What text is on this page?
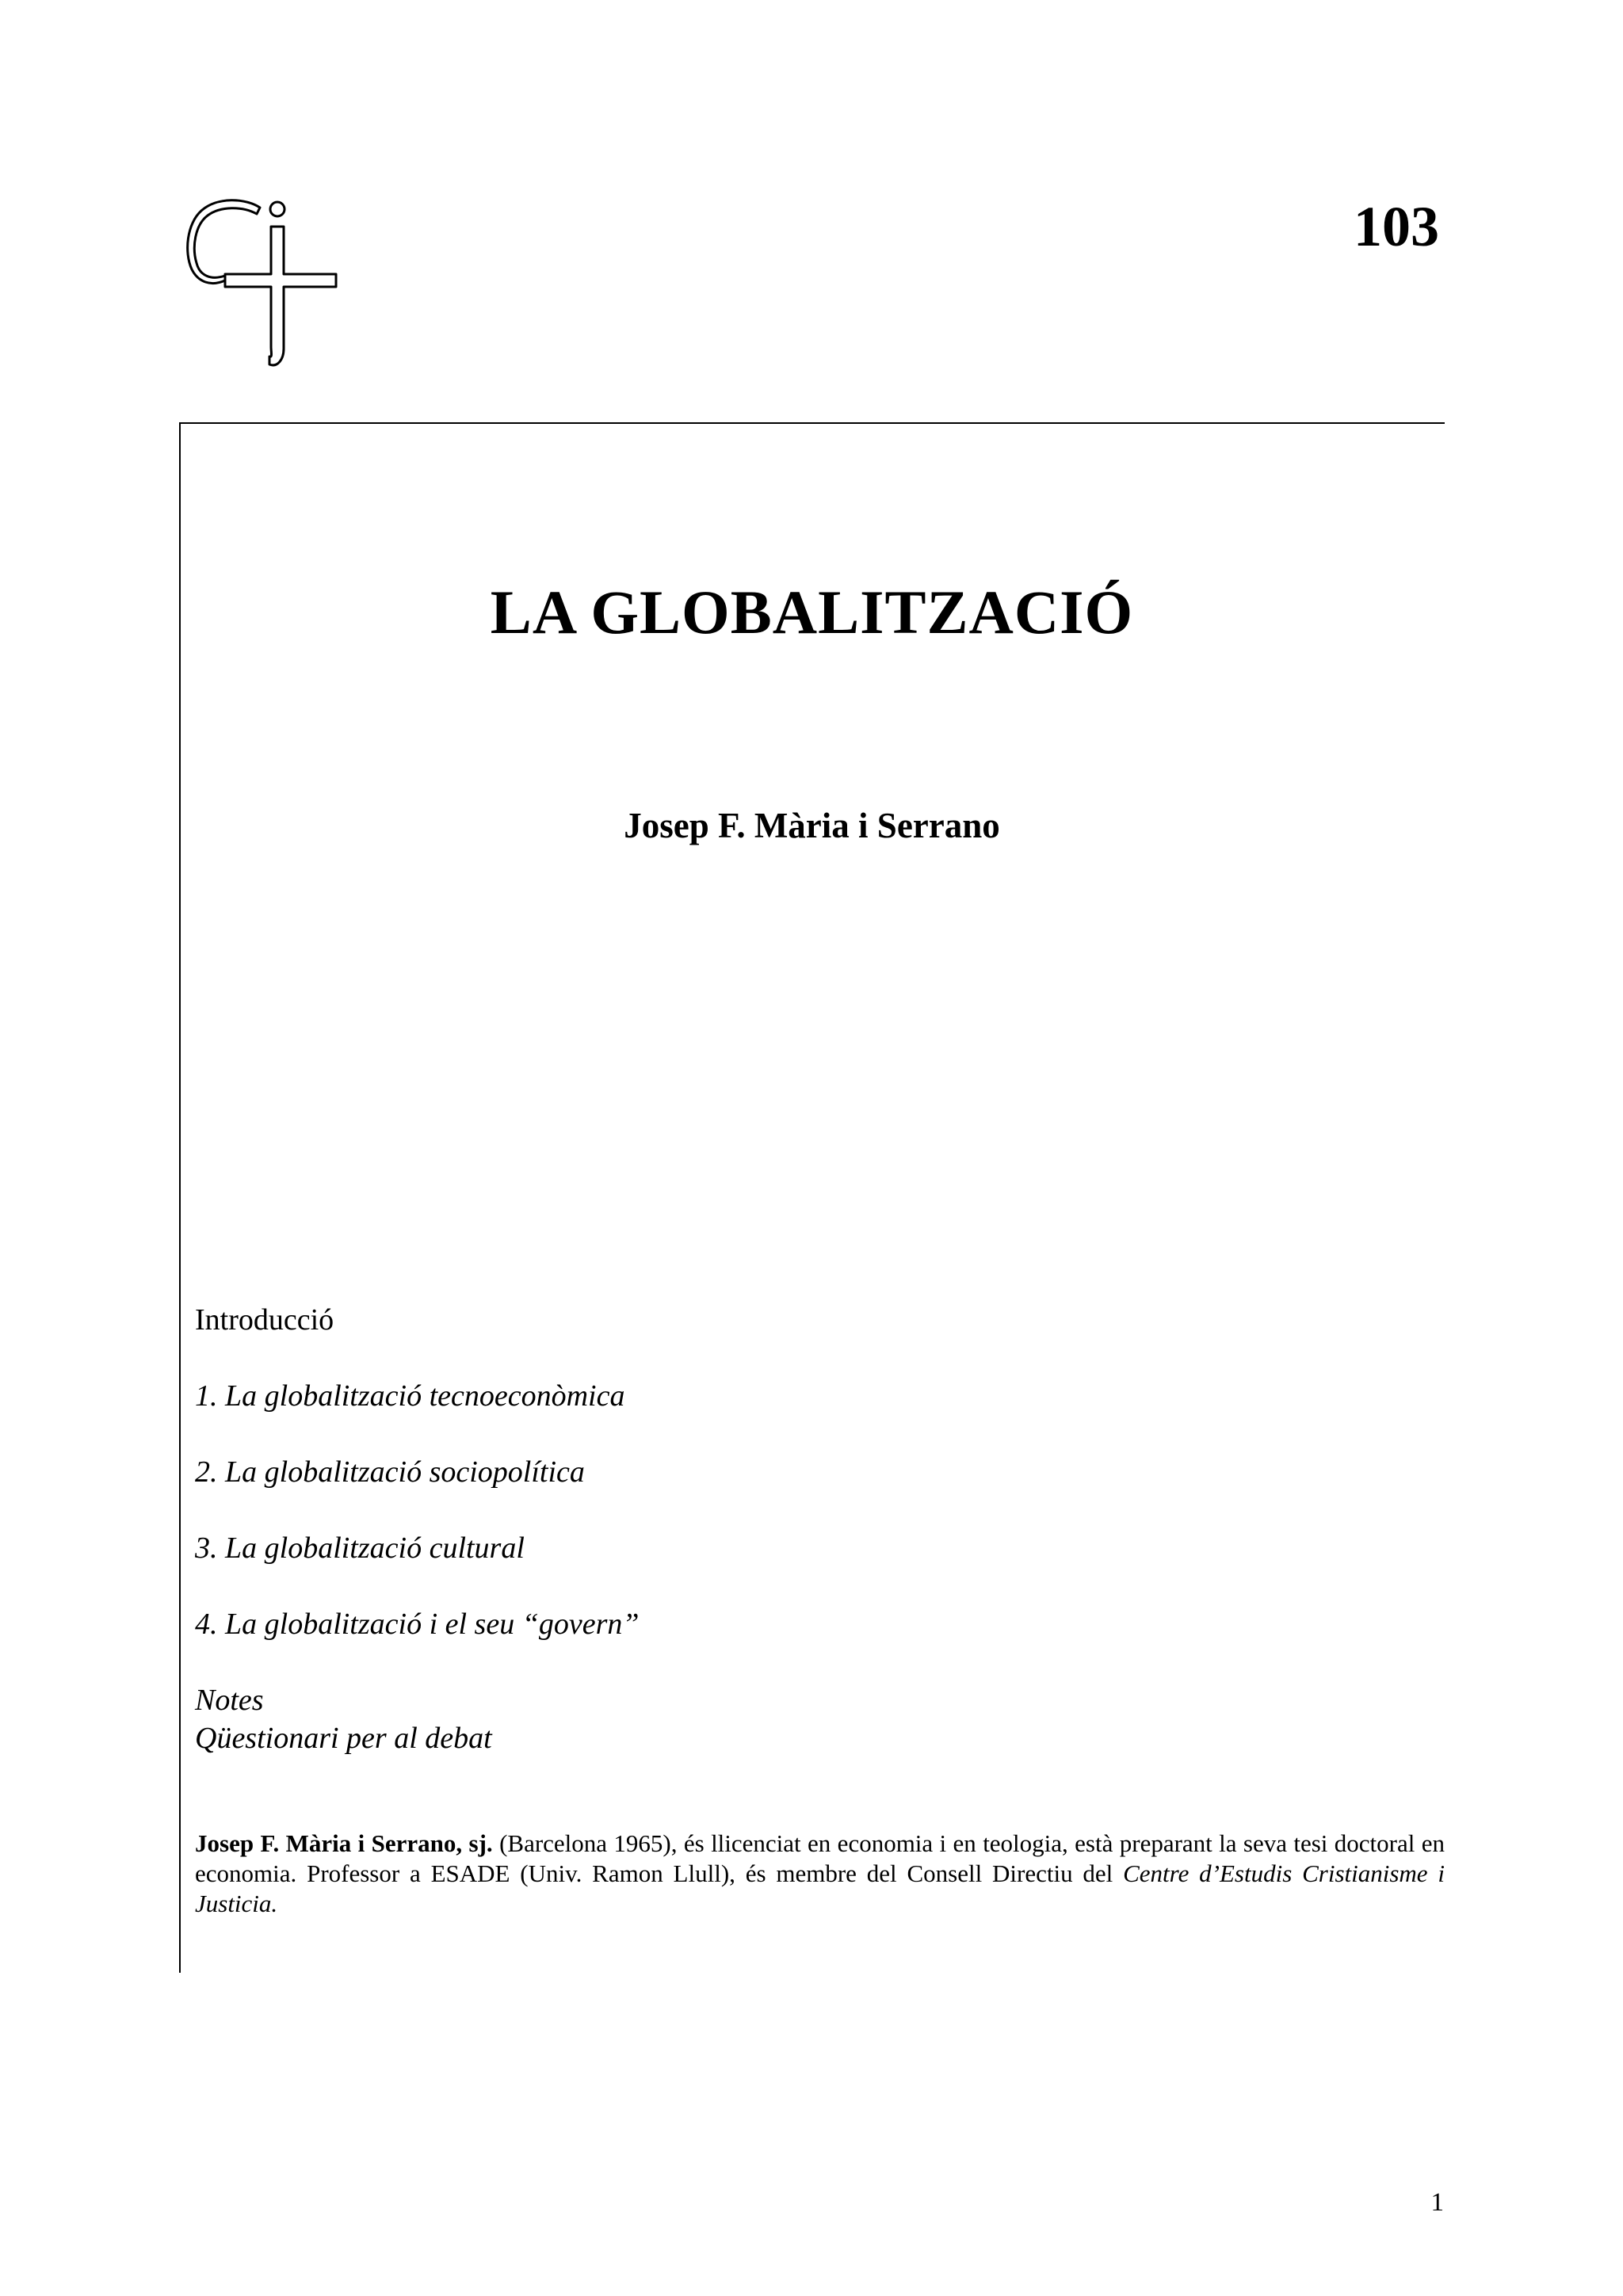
103
LA GLOBALITZACIÓ
Josep F. Mària i Serrano
Introducció
1. La globalització tecnoeconòmica
2. La globalització sociopolítica
3. La globalització cultural
4. La globalització i el seu “govern”
Notes
Qüestionari per al debat
Josep F. Mària i Serrano, sj. (Barcelona 1965), és llicenciat en economia i en teologia, està preparant la seva tesi doctoral en economia. Professor a ESADE (Univ. Ramon Llull), és membre del Consell Directiu del Centre d’Estudis Cristianisme i Justicia.
1
